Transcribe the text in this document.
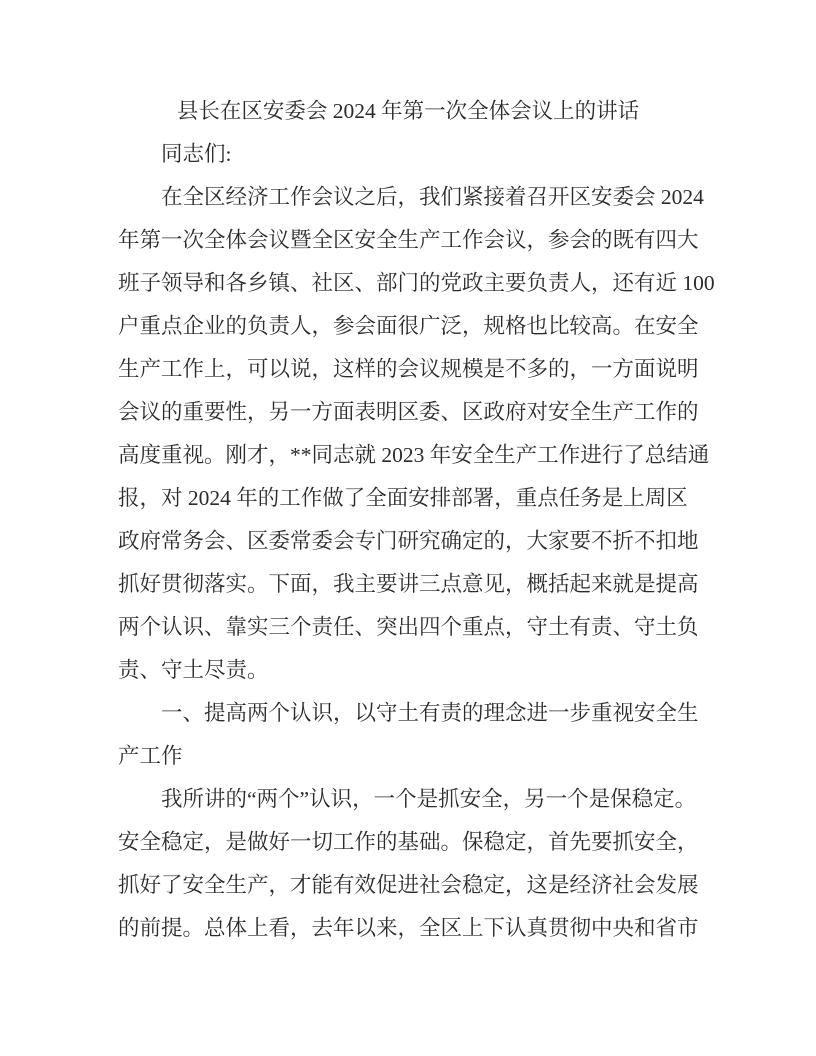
县长在区安委会 2024 年第一次全体会议上的讲话
同志们:
在全区经济工作会议之后，我们紧接着召开区安委会 2024
年第一次全体会议暨全区安全生产工作会议，参会的既有四大
班子领导和各乡镇、社区、部门的党政主要负责人，还有近 100
户重点企业的负责人，参会面很广泛，规格也比较高。在安全
生产工作上，可以说，这样的会议规模是不多的，一方面说明
会议的重要性，另一方面表明区委、区政府对安全生产工作的
高度重视。刚才，**同志就 2023 年安全生产工作进行了总结通
报，对 2024 年的工作做了全面安排部署，重点任务是上周区
政府常务会、区委常委会专门研究确定的，大家要不折不扣地
抓好贯彻落实。下面，我主要讲三点意见，概括起来就是提高
两个认识、靠实三个责任、突出四个重点，守土有责、守土负
责、守土尽责。
一、提高两个认识，以守土有责的理念进一步重视安全生
产工作
我所讲的“两个”认识，一个是抓安全，另一个是保稳定。
安全稳定，是做好一切工作的基础。保稳定，首先要抓安全，
抓好了安全生产，才能有效促进社会稳定，这是经济社会发展
的前提。总体上看，去年以来，全区上下认真贯彻中央和省市
